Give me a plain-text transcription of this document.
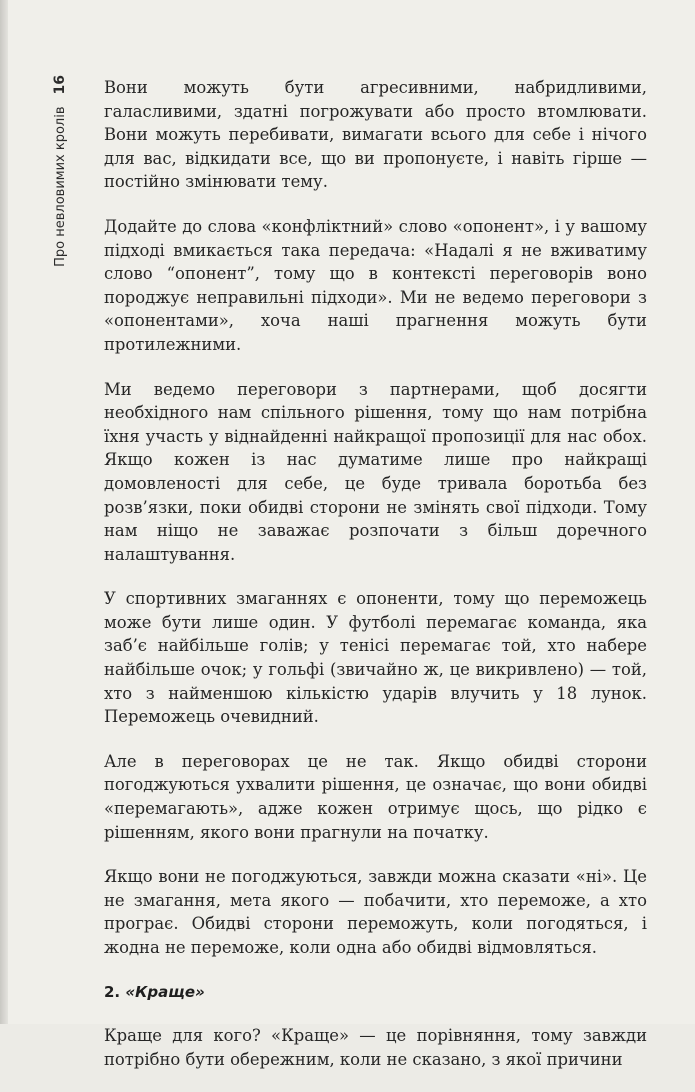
Про невловимих кролів
16 Вони можуть бути агресивними, набридливими, галасливими, здатні погрожувати або просто втомлювати. Вони можуть перебивати, вимагати всього для себе і нічого для вас, відкидати все, що ви пропонуєте, і навіть гірше — постійно змінювати тему.

Додайте до слова «конфліктний» слово «опонент», і у вашому підході вмикається така передача: «Надалі я не вживатиму слово “опонент”, тому що в контексті переговорів воно породжує неправильні підходи». Ми не ведемо переговори з «опонентами», хоча наші прагнення можуть бути протилежними.

Ми ведемо переговори з партнерами, щоб досягти необхідного нам спільного рішення, тому що нам потрібна їхня участь у віднайденні найкращої пропозиції для нас обох. Якщо кожен із нас думатиме лише про найкращі домовленості для себе, це буде тривала боротьба без розв’язки, поки обидві сторони не змінять свої підходи. Тому нам ніщо не заважає розпочати з більш доречного налаштування.

У спортивних змаганнях є опоненти, тому що переможець може бути лише один. У футболі перемагає команда, яка заб’є найбільше голів; у тенісі перемагає той, хто набере найбільше очок; у гольфі (звичайно ж, це викривлено) — той, хто з найменшою кількістю ударів влучить у 18 лунок. Переможець очевидний.

Але в переговорах це не так. Якщо обидві сторони погоджуються ухвалити рішення, це означає, що вони обидві «перемагають», адже кожен отримує щось, що рідко є рішенням, якого вони прагнули на початку.

Якщо вони не погоджуються, завжди можна сказати «ні». Це не змагання, мета якого — побачити, хто переможе, а хто програє. Обидві сторони переможуть, коли погодяться, і жодна не переможе, коли одна або обидві відмовляться.

2. «Краще»

Краще для кого? «Краще» — це порівняння, тому завжди потрібно бути обережним, коли не сказано, з якої причини
